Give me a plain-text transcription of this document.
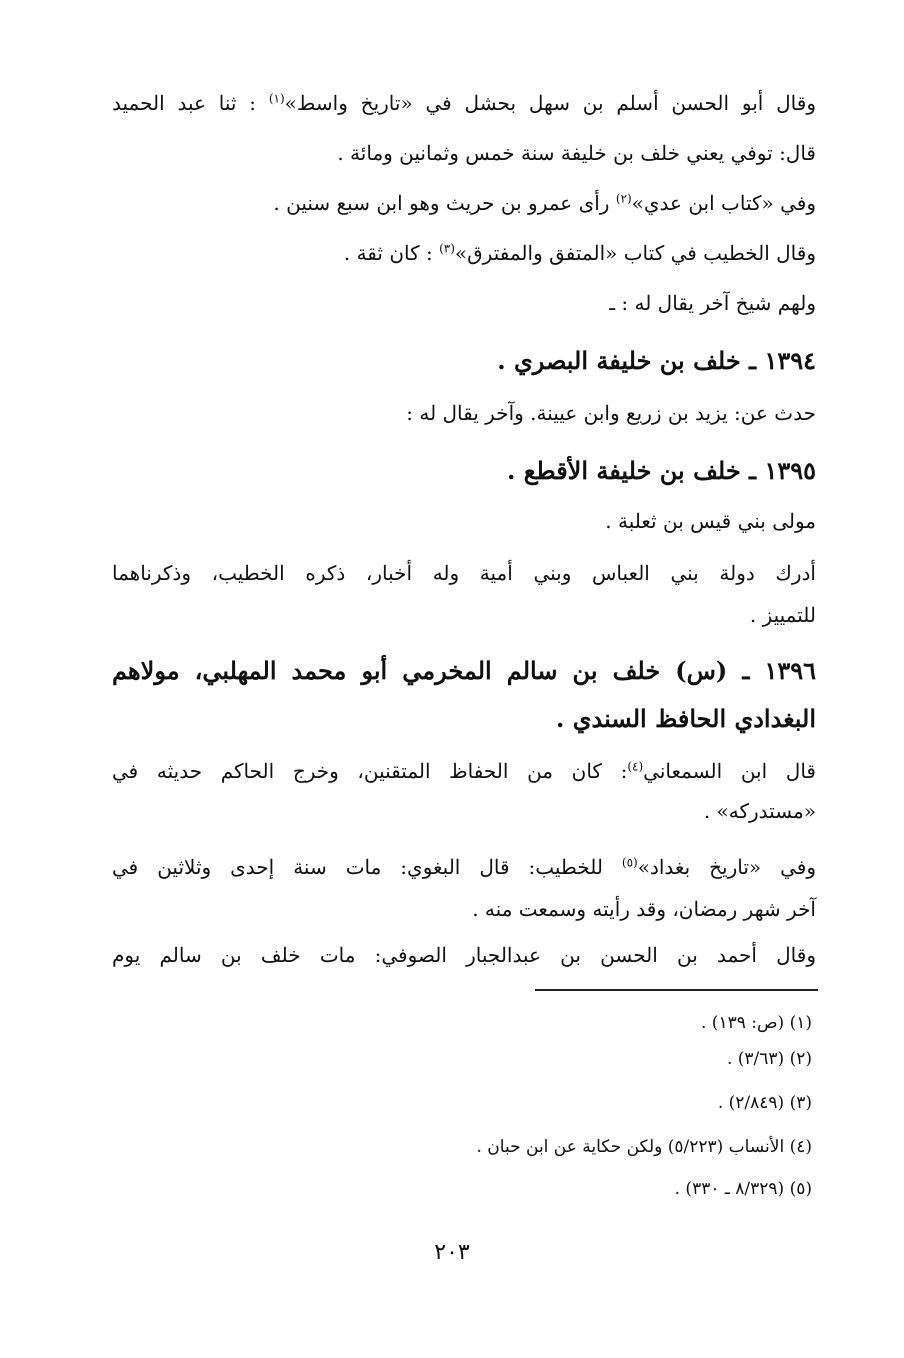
وقال أبو الحسن أسلم بن سهل بحشل في «تاريخ واسط»$^{(١)}$ : ثنا عبد الحميد
قال: توفي يعني خلف بن خليفة سنة خمس وثمانين ومائة .
وفي «كتاب ابن عدي»$^{(٢)}$ رأى عمرو بن حريث وهو ابن سبع سنين .
وقال الخطيب في كتاب «المتفق والمفترق»$^{(٣)}$ : كان ثقة .
ولهم شيخ آخر يقال له : ـ
١٣٩٤ ـ خلف بن خليفة البصري .
حدث عن: يزيد بن زريع وابن عيينة. وآخر يقال له :
١٣٩٥ ـ خلف بن خليفة الأقطع .
مولى بني قيس بن ثعلبة .
أدرك دولة بني العباس وبني أمية وله أخبار، ذكره الخطيب، وذكرناهما
للتمييز .
١٣٩٦ ـ (س) خلف بن سالم المخرمي أبو محمد المهلبي، مولاهم
البغدادي الحافظ السندي .
قال ابن السمعاني$^{(٤)}$: كان من الحفاظ المتقنين، وخرج الحاكم حديثه في
«مستدركه» .
وفي «تاريخ بغداد»$^{(٥)}$ للخطيب: قال البغوي: مات سنة إحدى وثلاثين في
آخر شهر رمضان، وقد رأيته وسمعت منه .
وقال أحمد بن الحسن بن عبدالجبار الصوفي: مات خلف بن سالم يوم
(١) (ص: ١٣٩) .
(٢) (٣/٦٣) .
(٣) (٢/٨٤٩) .
(٤) الأنساب (٥/٢٢٣) ولكن حكاية عن ابن حبان .
(٥) (٨/٣٢٩ ـ ٣٣٠) .
٢٠٣
